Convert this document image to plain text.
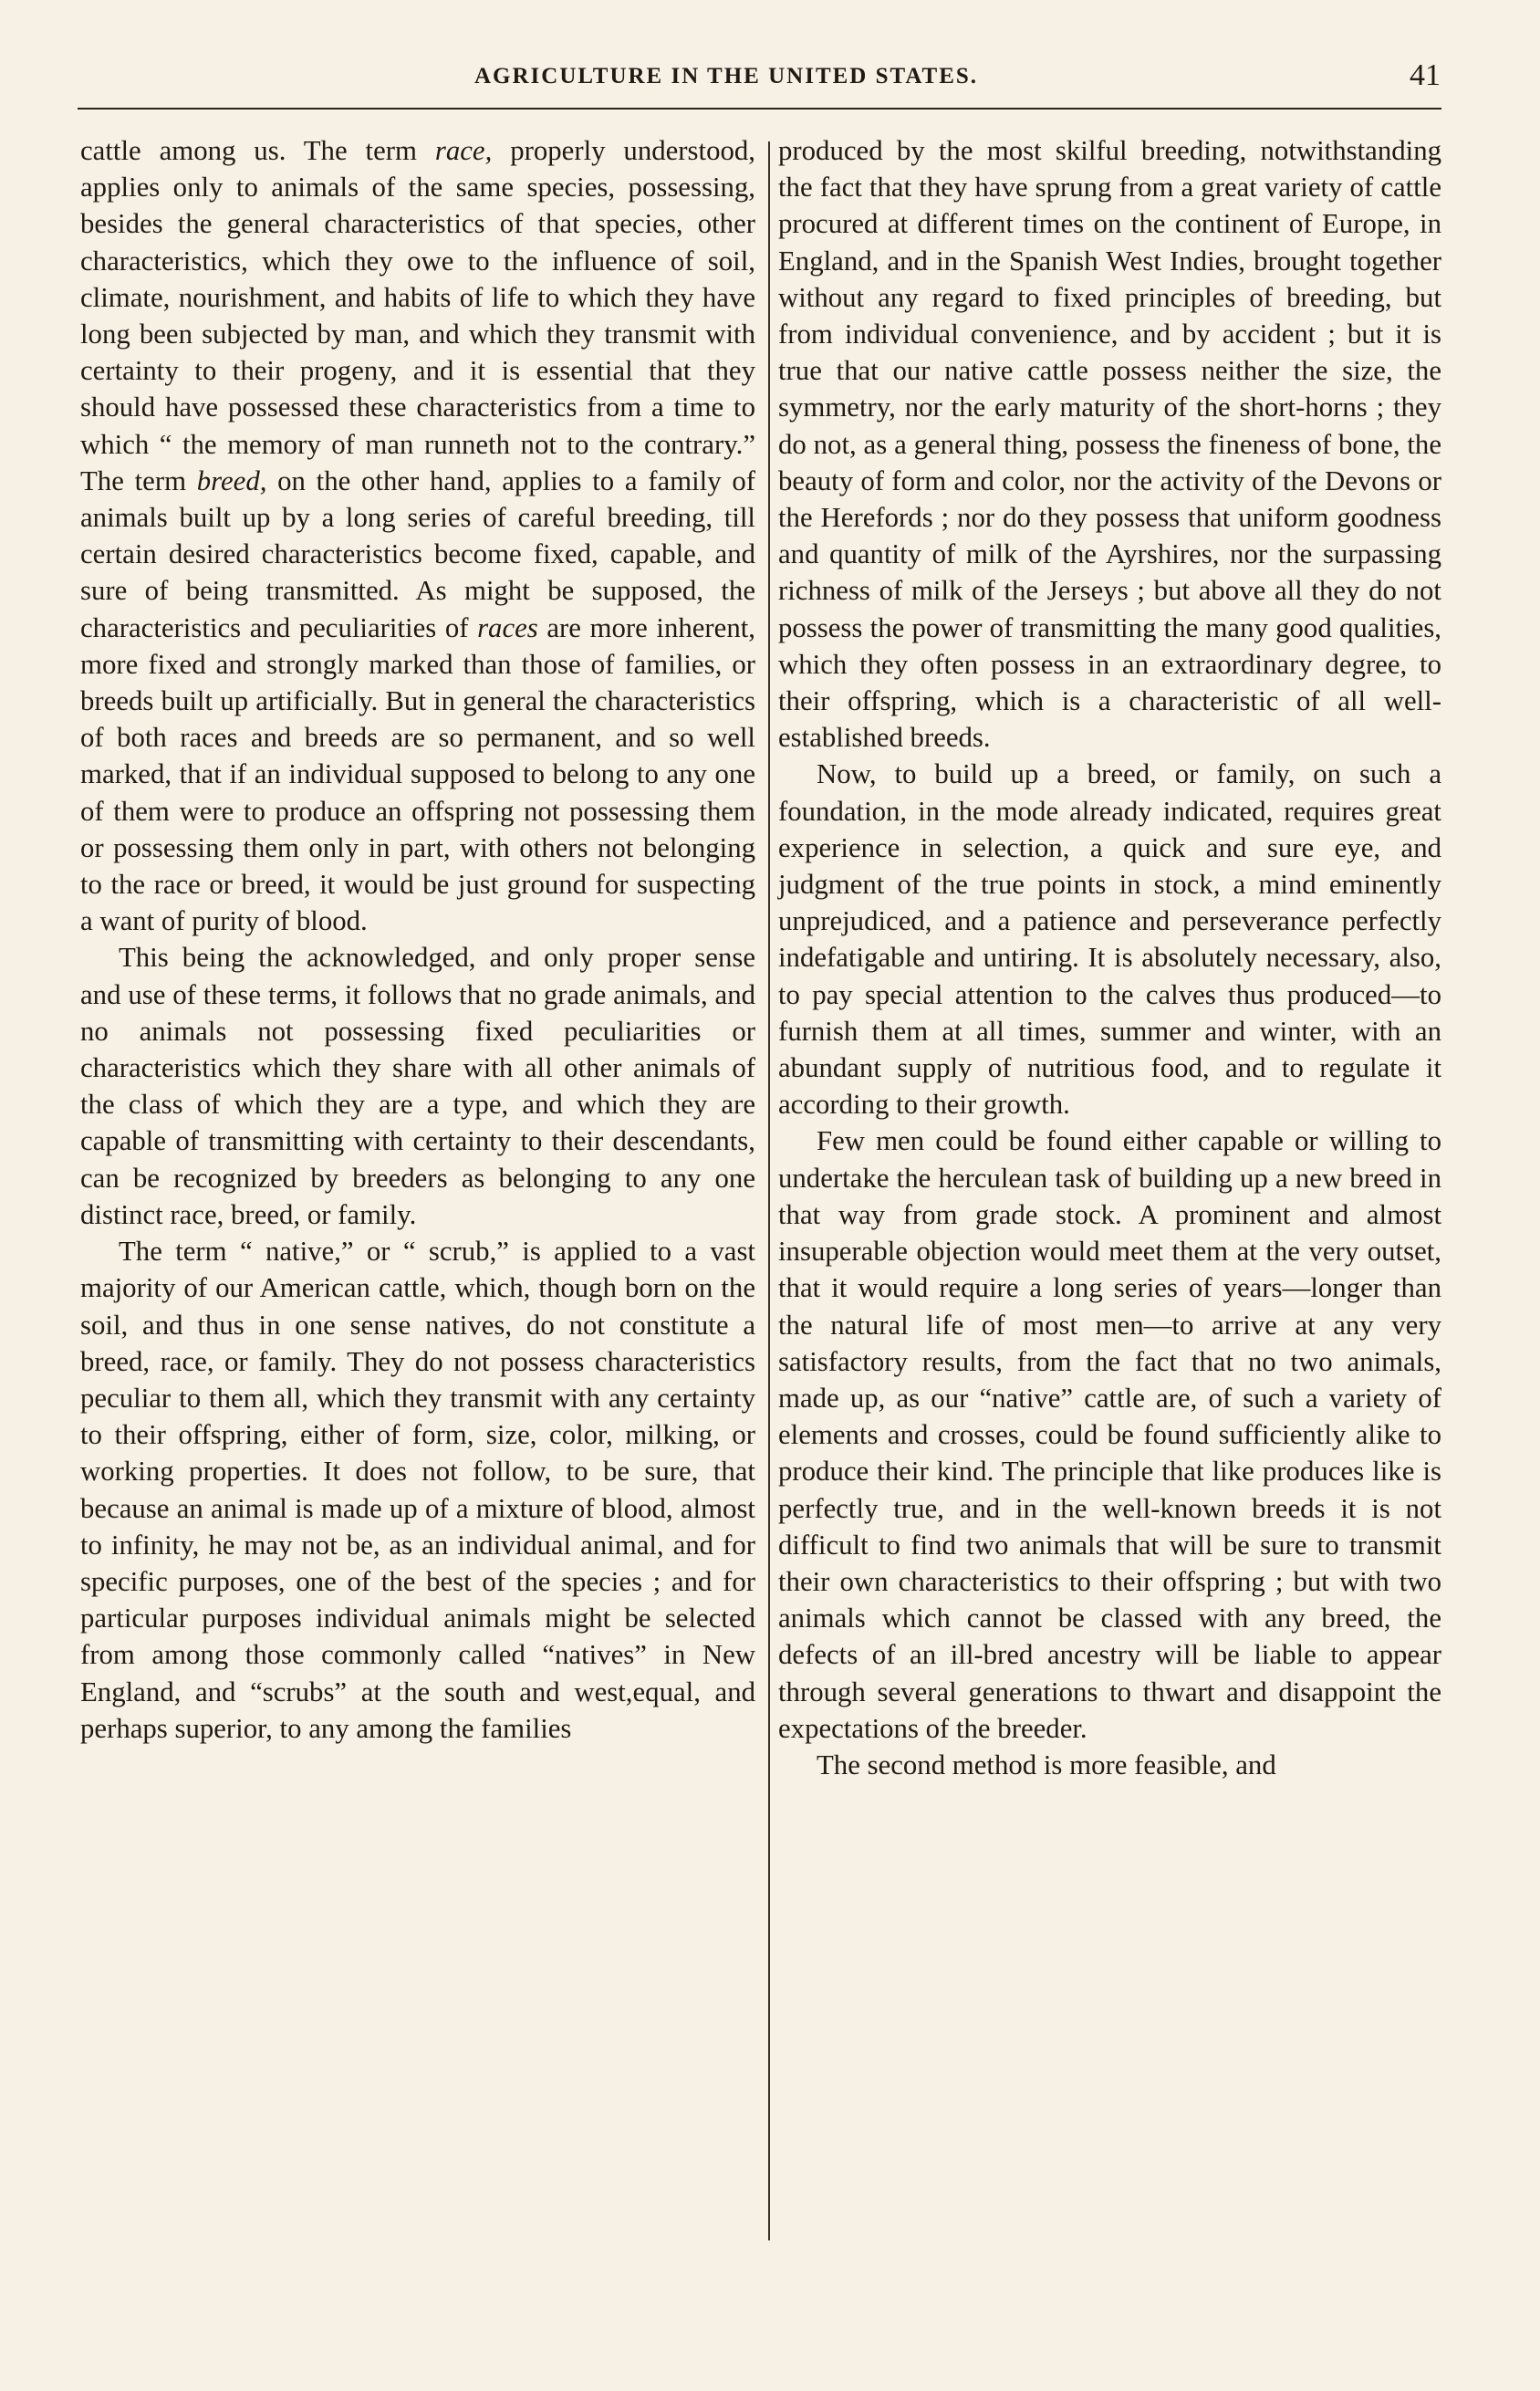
AGRICULTURE IN THE UNITED STATES.	41

cattle among us. The term race, properly understood, applies only to animals of the same species, possessing, besides the general characteristics of that species, other characteristics, which they owe to the influence of soil, climate, nourishment, and habits of life to which they have long been subjected by man, and which they transmit with certainty to their progeny, and it is essential that they should have possessed these characteristics from a time to which “ the memory of man runneth not to the contrary.” The term breed, on the other hand, applies to a family of animals built up by a long series of careful breeding, till certain desired characteristics become fixed, capable, and sure of being transmitted. As might be supposed, the characteristics and peculiarities of races are more inherent, more fixed and strongly marked than those of families, or breeds built up artificially. But in general the characteristics of both races and breeds are so permanent, and so well marked, that if an individual supposed to belong to any one of them were to produce an offspring not possessing them or possessing them only in part, with others not belonging to the race or breed, it would be just ground for suspecting a want of purity of blood.

This being the acknowledged, and only proper sense and use of these terms, it follows that no grade animals, and no animals not possessing fixed peculiarities or characteristics which they share with all other animals of the class of which they are a type, and which they are capable of transmitting with certainty to their descendants, can be recognized by breeders as belonging to any one distinct race, breed, or family.

The term “ native,” or “ scrub,” is applied to a vast majority of our American cattle, which, though born on the soil, and thus in one sense natives, do not constitute a breed, race, or family. They do not possess characteristics peculiar to them all, which they transmit with any certainty to their offspring, either of form, size, color, milking, or working properties. It does not follow, to be sure, that because an animal is made up of a mixture of blood, almost to infinity, he may not be, as an individual animal, and for specific purposes, one of the best of the species ; and for particular purposes individual animals might be selected from among those commonly called “natives” in New England, and “scrubs” at the south and west,equal, and perhaps superior, to any among the families

produced by the most skilful breeding, notwithstanding the fact that they have sprung from a great variety of cattle procured at different times on the continent of Europe, in England, and in the Spanish West Indies, brought together without any regard to fixed principles of breeding, but from individual convenience, and by accident ; but it is true that our native cattle possess neither the size, the symmetry, nor the early maturity of the short-horns ; they do not, as a general thing, possess the fineness of bone, the beauty of form and color, nor the activity of the Devons or the Herefords ; nor do they possess that uniform goodness and quantity of milk of the Ayrshires, nor the surpassing richness of milk of the Jerseys ; but above all they do not possess the power of transmitting the many good qualities, which they often possess in an extraordinary degree, to their offspring, which is a characteristic of all well-established breeds.

Now, to build up a breed, or family, on such a foundation, in the mode already indicated, requires great experience in selection, a quick and sure eye, and judgment of the true points in stock, a mind eminently unprejudiced, and a patience and perseverance perfectly indefatigable and untiring. It is absolutely necessary, also, to pay special attention to the calves thus produced—to furnish them at all times, summer and winter, with an abundant supply of nutritious food, and to regulate it according to their growth.

Few men could be found either capable or willing to undertake the herculean task of building up a new breed in that way from grade stock. A prominent and almost insuperable objection would meet them at the very outset, that it would require a long series of years—longer than the natural life of most men—to arrive at any very satisfactory results, from the fact that no two animals, made up, as our “native” cattle are, of such a variety of elements and crosses, could be found sufficiently alike to produce their kind. The principle that like produces like is perfectly true, and in the well-known breeds it is not difficult to find two animals that will be sure to transmit their own characteristics to their offspring ; but with two animals which cannot be classed with any breed, the defects of an ill-bred ancestry will be liable to appear through several generations to thwart and disappoint the expectations of the breeder.

The second method is more feasible, and
